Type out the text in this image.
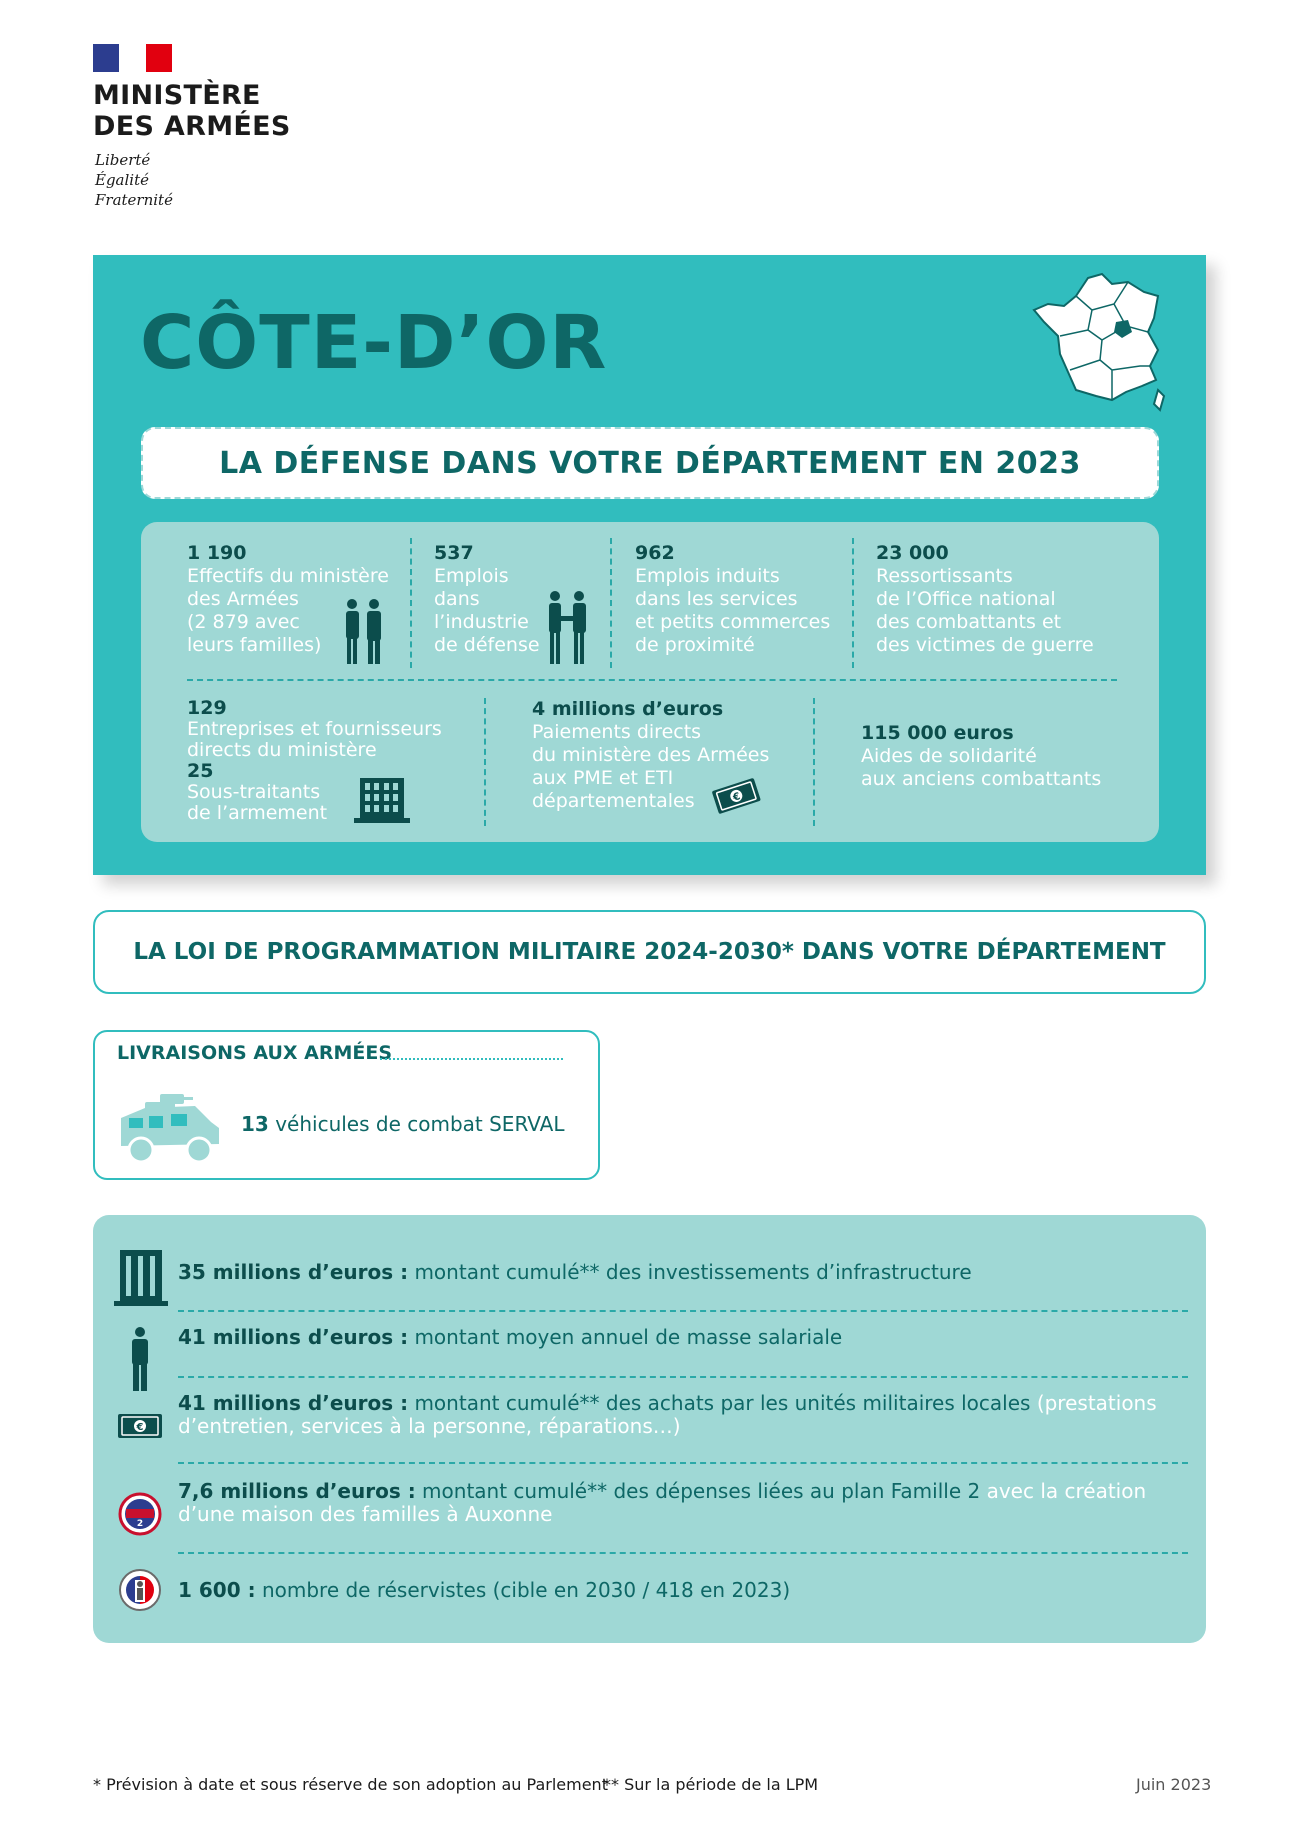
MINISTÈRE
DES ARMÉES
Liberté
Égalité
Fraternité
CÔTE-D’OR
LA DÉFENSE DANS VOTRE DÉPARTEMENT EN 2023
1 190
Effectifs du ministère
des Armées
(2 879 avec
leurs familles)
537
Emplois
dans
l’industrie
de défense
962
Emplois induits
dans les services
et petits commerces
de proximité
23 000
Ressortissants
de l’Office national
des combattants et
des victimes de guerre
129
Entreprises et fournisseurs
directs du ministère
25
Sous-traitants
de l’armement
4 millions d’euros
Paiements directs
du ministère des Armées
aux PME et ETI
départementales	€
115 000 euros
Aides de solidarité
aux anciens combattants
LA LOI DE PROGRAMMATION MILITAIRE 2024-2030* DANS VOTRE DÉPARTEMENT
LIVRAISONS AUX ARMÉES
13 véhicules de combat SERVAL
35 millions d’euros : montant cumulé** des investissements d’infrastructure
41 millions d’euros : montant moyen annuel de masse salariale
€
41 millions d’euros : montant cumulé** des achats par les unités militaires locales (prestations d’entretien, services à la personne, réparations…)
2
7,6 millions d’euros : montant cumulé** des dépenses liées au plan Famille 2 avec la création d’une maison des familles à Auxonne
1 600 : nombre de réservistes (cible en 2030 / 418 en 2023)
* Prévision à date et sous réserve de son adoption au Parlement
** Sur la période de la LPM	Juin 2023
